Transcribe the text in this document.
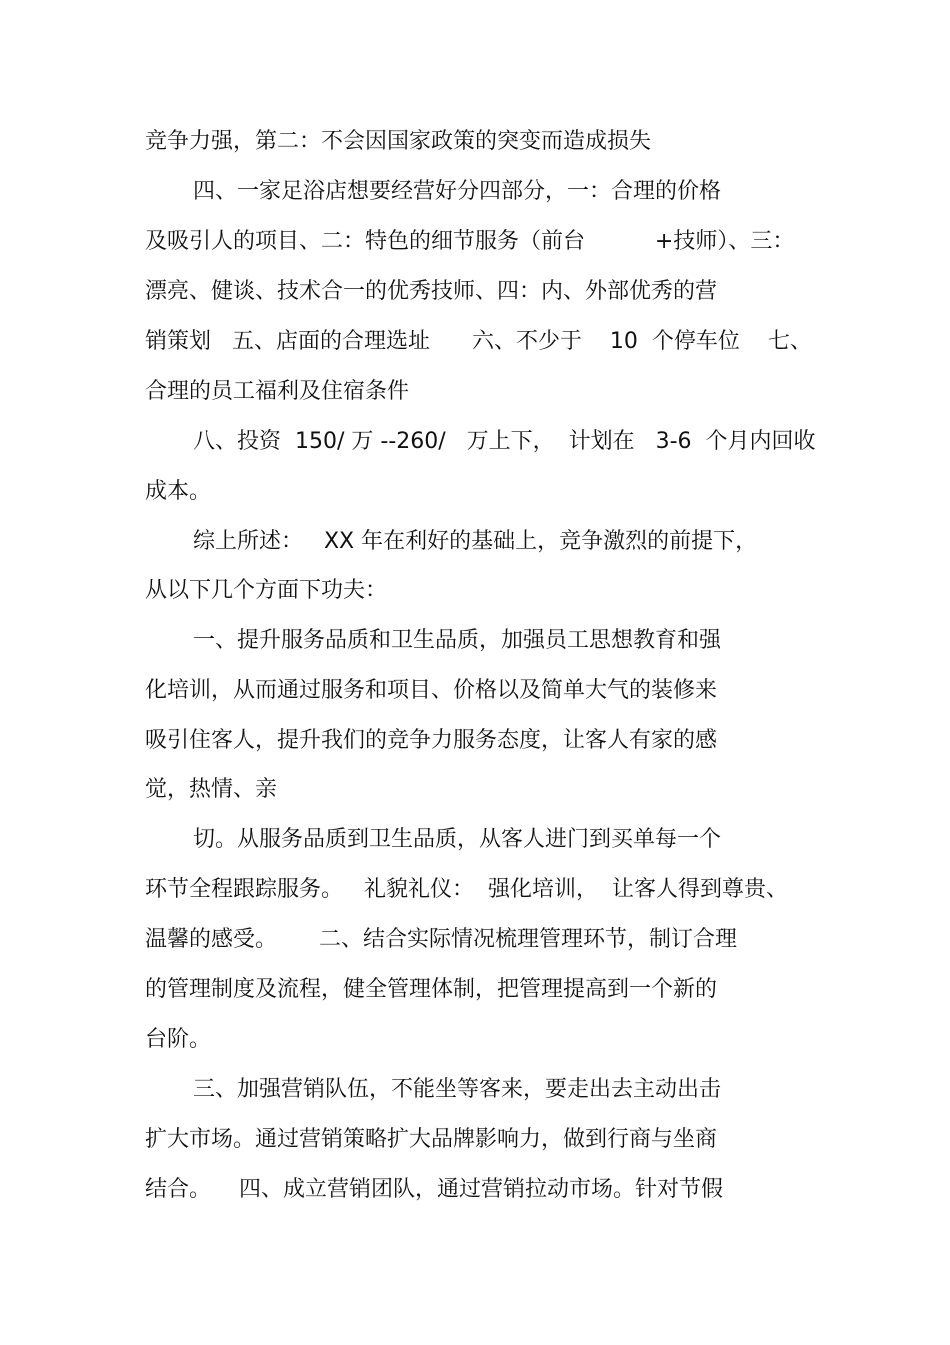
竞争力强，第二：不会因国家政策的突变而造成损失
四、一家足浴店想要经营好分四部分，一：合理的价格
及吸引人的项目、二：特色的细节服务（前台          +技师）、三：
漂亮、健谈、技术合一的优秀技师、四：内、外部优秀的营
销策划   五、店面的合理选址      六、不少于    10  个停车位    七、
合理的员工福利及住宿条件
八、投资  150/ 万 --260/   万上下，  计划在   3-6  个月内回收
成本。
综上所述：   XX 年在利好的基础上，竞争激烈的前提下，
从以下几个方面下功夫：
一、提升服务品质和卫生品质，加强员工思想教育和强
化培训，从而通过服务和项目、价格以及简单大气的装修来
吸引住客人，提升我们的竞争力服务态度，让客人有家的感
觉，热情、亲
切。从服务品质到卫生品质，从客人进门到买单每一个
环节全程跟踪服务。   礼貌礼仪：  强化培训，  让客人得到尊贵、
温馨的感受。      二、结合实际情况梳理管理环节，制订合理
的管理制度及流程，健全管理体制，把管理提高到一个新的
台阶。
三、加强营销队伍，不能坐等客来，要走出去主动出击
扩大市场。通过营销策略扩大品牌影响力，做到行商与坐商
结合。    四、成立营销团队，通过营销拉动市场。针对节假
